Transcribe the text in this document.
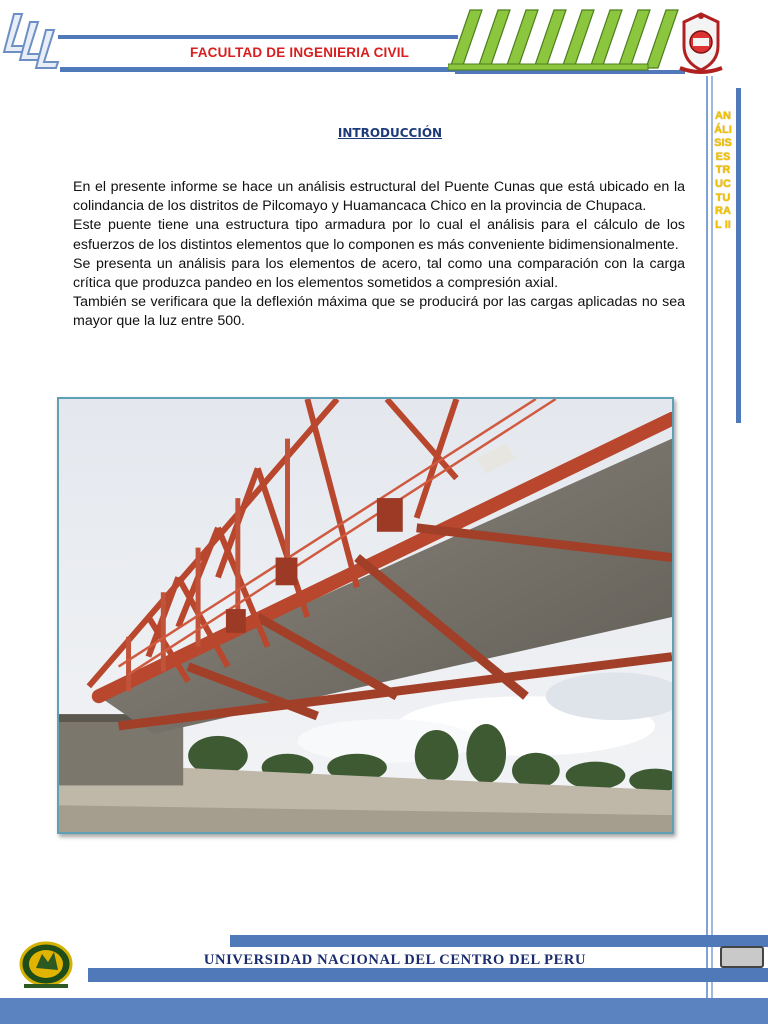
FACULTAD DE INGENIERIA CIVIL
ANÁLISIS ESTRUCTURAL II
INTRODUCCIÓN

En el presente informe se hace un análisis estructural del Puente Cunas que está ubicado en la colindancia de los distritos de Pilcomayo y Huamancaca Chico en la provincia de Chupaca.

Este puente tiene una estructura tipo armadura por lo cual el análisis para el cálculo de los esfuerzos de los distintos elementos que lo componen es más conveniente bidimensionalmente.

Se presenta un análisis para los elementos de acero, tal como una comparación con la carga crítica que produzca pandeo en los elementos sometidos a compresión axial.

También se verificara que la deflexión máxima que se producirá por las cargas aplicadas no sea mayor que la luz entre 500.

UNIVERSIDAD NACIONAL DEL CENTRO DEL PERU
